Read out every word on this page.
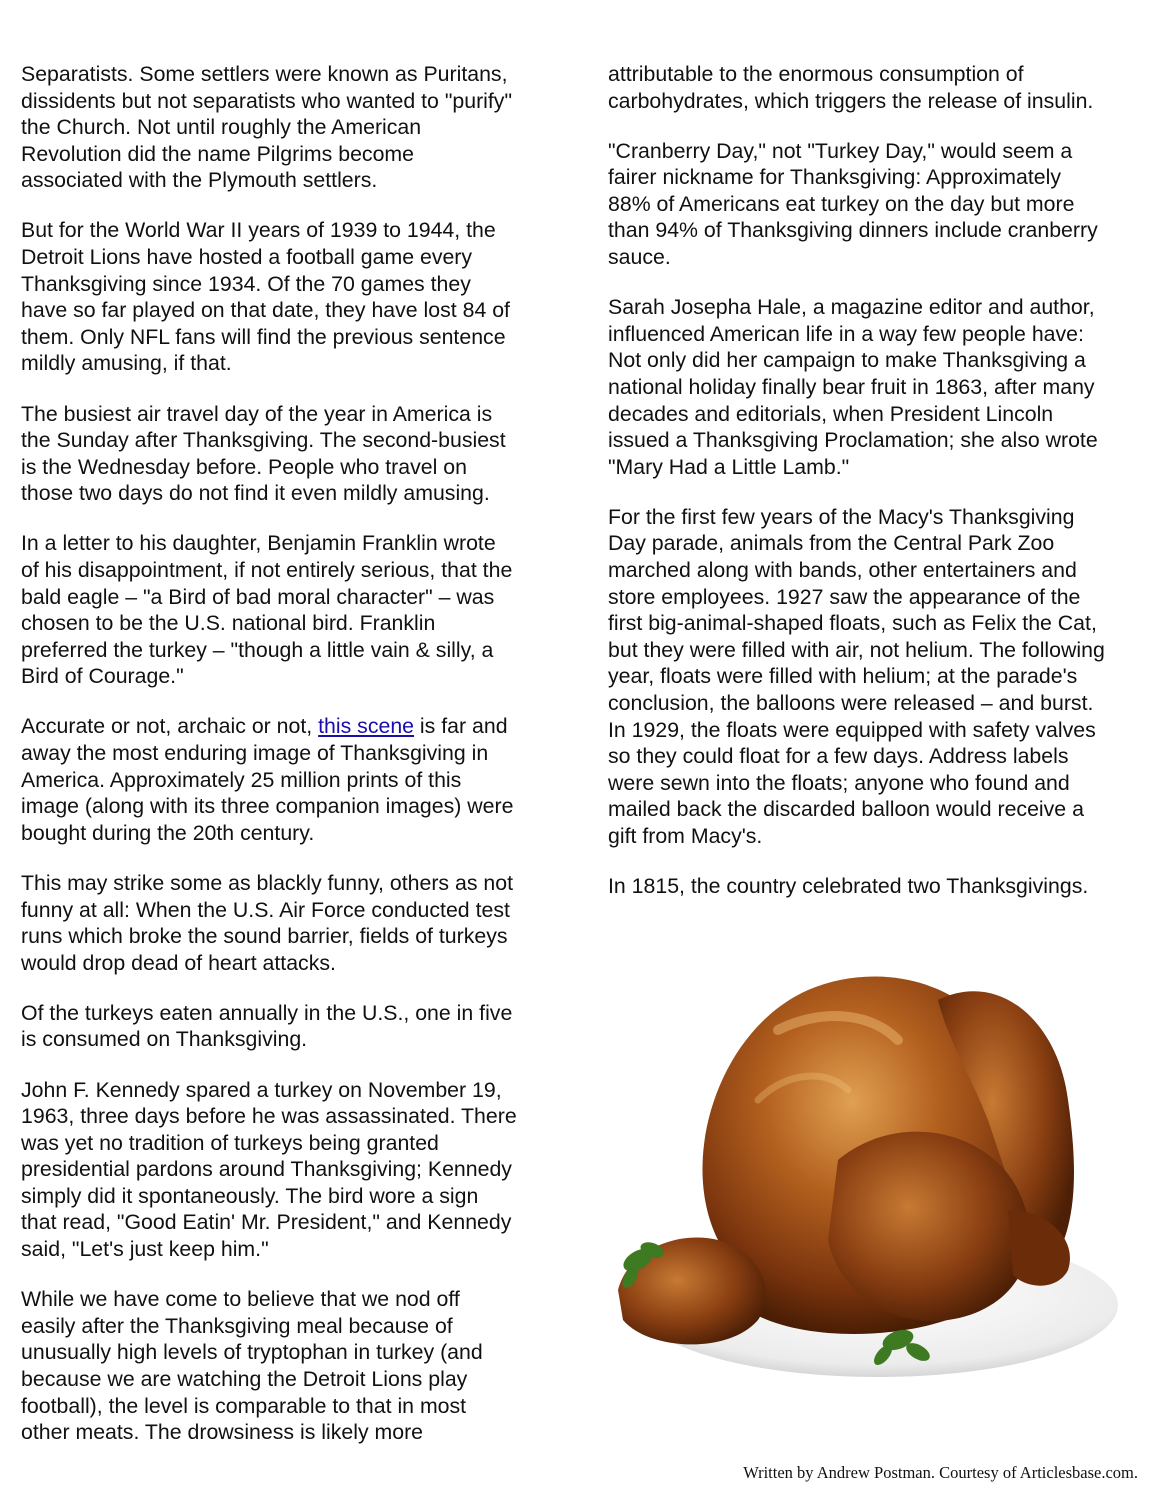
Separatists. Some settlers were known as Puritans,
dissidents but not separatists who wanted to "purify"
the Church. Not until roughly the American
Revolution did the name Pilgrims become
associated with the Plymouth settlers.

But for the World War II years of 1939 to 1944, the
Detroit Lions have hosted a football game every
Thanksgiving since 1934. Of the 70 games they
have so far played on that date, they have lost 84 of
them. Only NFL fans will find the previous sentence
mildly amusing, if that.

The busiest air travel day of the year in America is
the Sunday after Thanksgiving. The second-busiest
is the Wednesday before. People who travel on
those two days do not find it even mildly amusing.

In a letter to his daughter, Benjamin Franklin wrote
of his disappointment, if not entirely serious, that the
bald eagle – "a Bird of bad moral character" – was
chosen to be the U.S. national bird. Franklin
preferred the turkey – "though a little vain & silly, a
Bird of Courage."

Accurate or not, archaic or not, this scene is far and
away the most enduring image of Thanksgiving in
America. Approximately 25 million prints of this
image (along with its three companion images) were
bought during the 20th century.

This may strike some as blackly funny, others as not
funny at all: When the U.S. Air Force conducted test
runs which broke the sound barrier, fields of turkeys
would drop dead of heart attacks.

Of the turkeys eaten annually in the U.S., one in five
is consumed on Thanksgiving.

John F. Kennedy spared a turkey on November 19,
1963, three days before he was assassinated. There
was yet no tradition of turkeys being granted
presidential pardons around Thanksgiving; Kennedy
simply did it spontaneously. The bird wore a sign
that read, "Good Eatin' Mr. President," and Kennedy
said, "Let's just keep him."

While we have come to believe that we nod off
easily after the Thanksgiving meal because of
unusually high levels of tryptophan in turkey (and
because we are watching the Detroit Lions play
football), the level is comparable to that in most
other meats. The drowsiness is likely more

attributable to the enormous consumption of
carbohydrates, which triggers the release of insulin.

"Cranberry Day," not "Turkey Day," would seem a
fairer nickname for Thanksgiving: Approximately
88% of Americans eat turkey on the day but more
than 94% of Thanksgiving dinners include cranberry
sauce.

Sarah Josepha Hale, a magazine editor and author,
influenced American life in a way few people have:
Not only did her campaign to make Thanksgiving a
national holiday finally bear fruit in 1863, after many
decades and editorials, when President Lincoln
issued a Thanksgiving Proclamation; she also wrote
"Mary Had a Little Lamb."

For the first few years of the Macy's Thanksgiving
Day parade, animals from the Central Park Zoo
marched along with bands, other entertainers and
store employees. 1927 saw the appearance of the
first big-animal-shaped floats, such as Felix the Cat,
but they were filled with air, not helium. The following
year, floats were filled with helium; at the parade's
conclusion, the balloons were released – and burst.
In 1929, the floats were equipped with safety valves
so they could float for a few days. Address labels
were sewn into the floats; anyone who found and
mailed back the discarded balloon would receive a
gift from Macy's.

In 1815, the country celebrated two Thanksgivings.

Written by Andrew Postman. Courtesy of Articlesbase.com.
